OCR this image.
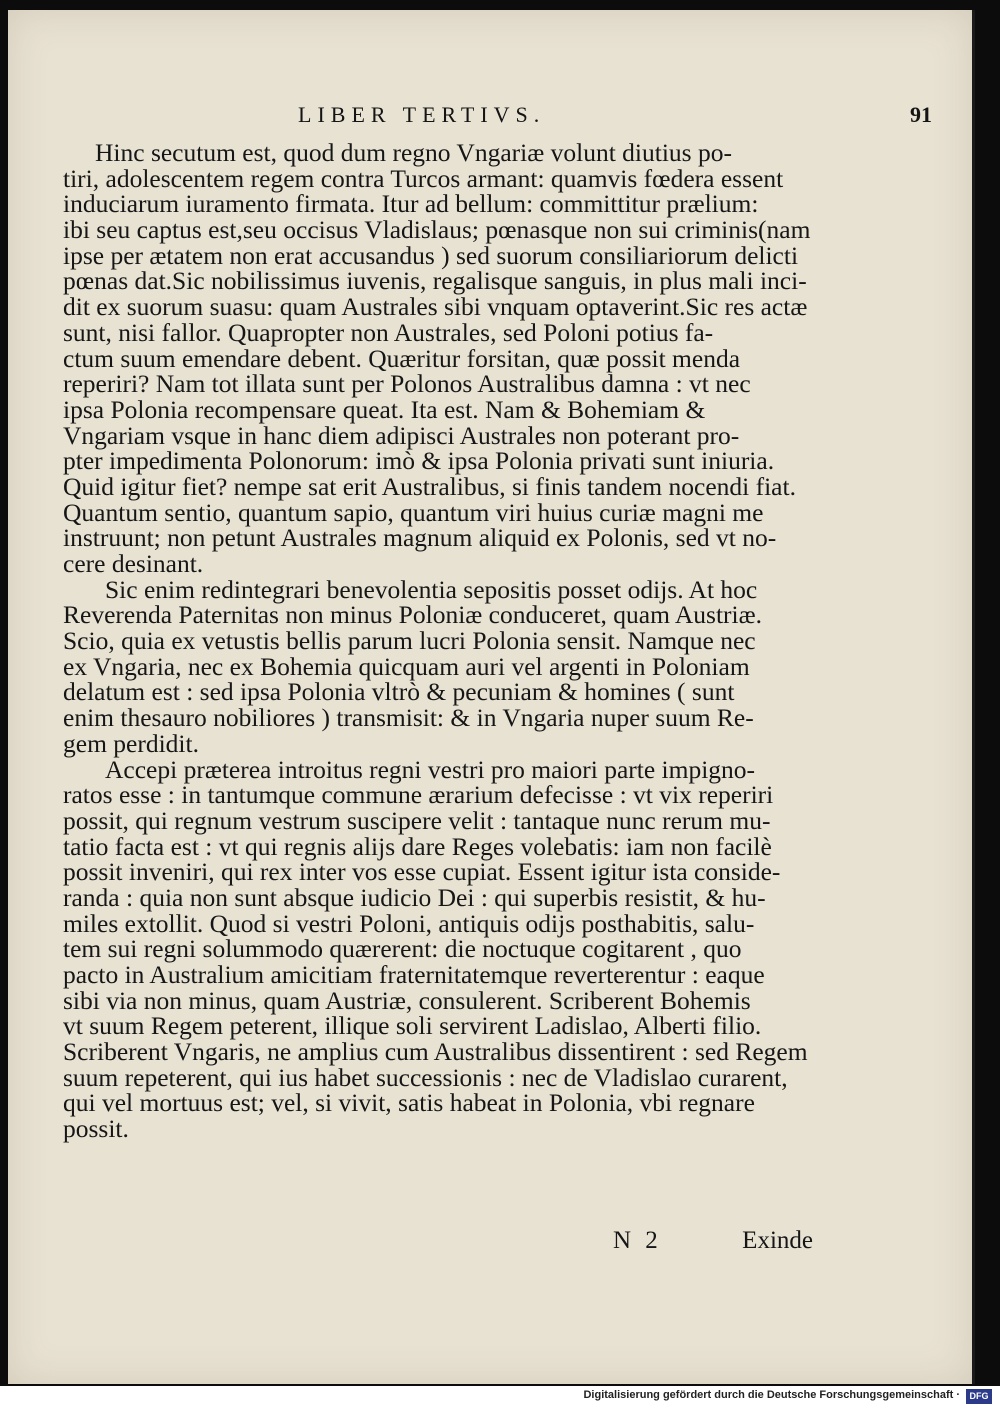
LIBER TERTIVS.	91
Hinc secutum est, quod dum regno Vngariæ volunt diutius po-
tiri, adolescentem regem contra Turcos armant: quamvis fœdera essent
induciarum iuramento firmata. Itur ad bellum: committitur prælium:
ibi seu captus est,seu occisus Vladislaus; pœnasque non sui criminis(nam
ipse per ætatem non erat accusandus ) sed suorum consiliariorum delicti
pœnas dat.Sic nobilissimus iuvenis, regalisque sanguis, in plus mali inci-
dit ex suorum suasu: quam Australes sibi vnquam optaverint.Sic res actæ
sunt, nisi fallor. Quapropter non Australes, sed Poloni potius fa-
ctum suum emendare debent. Quæritur forsitan, quæ possit menda
reperiri? Nam tot illata sunt per Polonos Australibus damna : vt nec
ipsa Polonia recompensare queat. Ita est. Nam & Bohemiam &
Vngariam vsque in hanc diem adipisci Australes non poterant pro-
pter impedimenta Polonorum: imò & ipsa Polonia privati sunt iniuria.
Quid igitur fiet? nempe sat erit Australibus, si finis tandem nocendi fiat.
Quantum sentio, quantum sapio, quantum viri huius curiæ magni me
instruunt; non petunt Australes magnum aliquid ex Polonis, sed vt no-
cere desinant.
Sic enim redintegrari benevolentia sepositis posset odijs. At hoc
Reverenda Paternitas non minus Poloniæ conduceret, quam Austriæ.
Scio, quia ex vetustis bellis parum lucri Polonia sensit. Namque nec
ex Vngaria, nec ex Bohemia quicquam auri vel argenti in Poloniam
delatum est : sed ipsa Polonia vltrò & pecuniam & homines ( sunt
enim thesauro nobiliores ) transmisit: & in Vngaria nuper suum Re-
gem perdidit.
Accepi præterea introitus regni vestri pro maiori parte impigno-
ratos esse : in tantumque commune ærarium defecisse : vt vix reperiri
possit, qui regnum vestrum suscipere velit : tantaque nunc rerum mu-
tatio facta est : vt qui regnis alijs dare Reges volebatis: iam non facilè
possit inveniri, qui rex inter vos esse cupiat. Essent igitur ista conside-
randa : quia non sunt absque iudicio Dei : qui superbis resistit, & hu-
miles extollit. Quod si vestri Poloni, antiquis odijs posthabitis, salu-
tem sui regni solummodo quærerent: die noctuque cogitarent , quo
pacto in Australium amicitiam fraternitatemque reverterentur : eaque
sibi via non minus, quam Austriæ, consulerent. Scriberent Bohemis
vt suum Regem peterent, illique soli servirent Ladislao, Alberti filio.
Scriberent Vngaris, ne amplius cum Australibus dissentirent : sed Regem
suum repeterent, qui ius habet successionis : nec de Vladislao curarent,
qui vel mortuus est; vel, si vivit, satis habeat in Polonia, vbi regnare
possit.
N 2	Exinde
Digitalisierung gefördert durch die Deutsche Forschungsgemeinschaft ·	DFG
